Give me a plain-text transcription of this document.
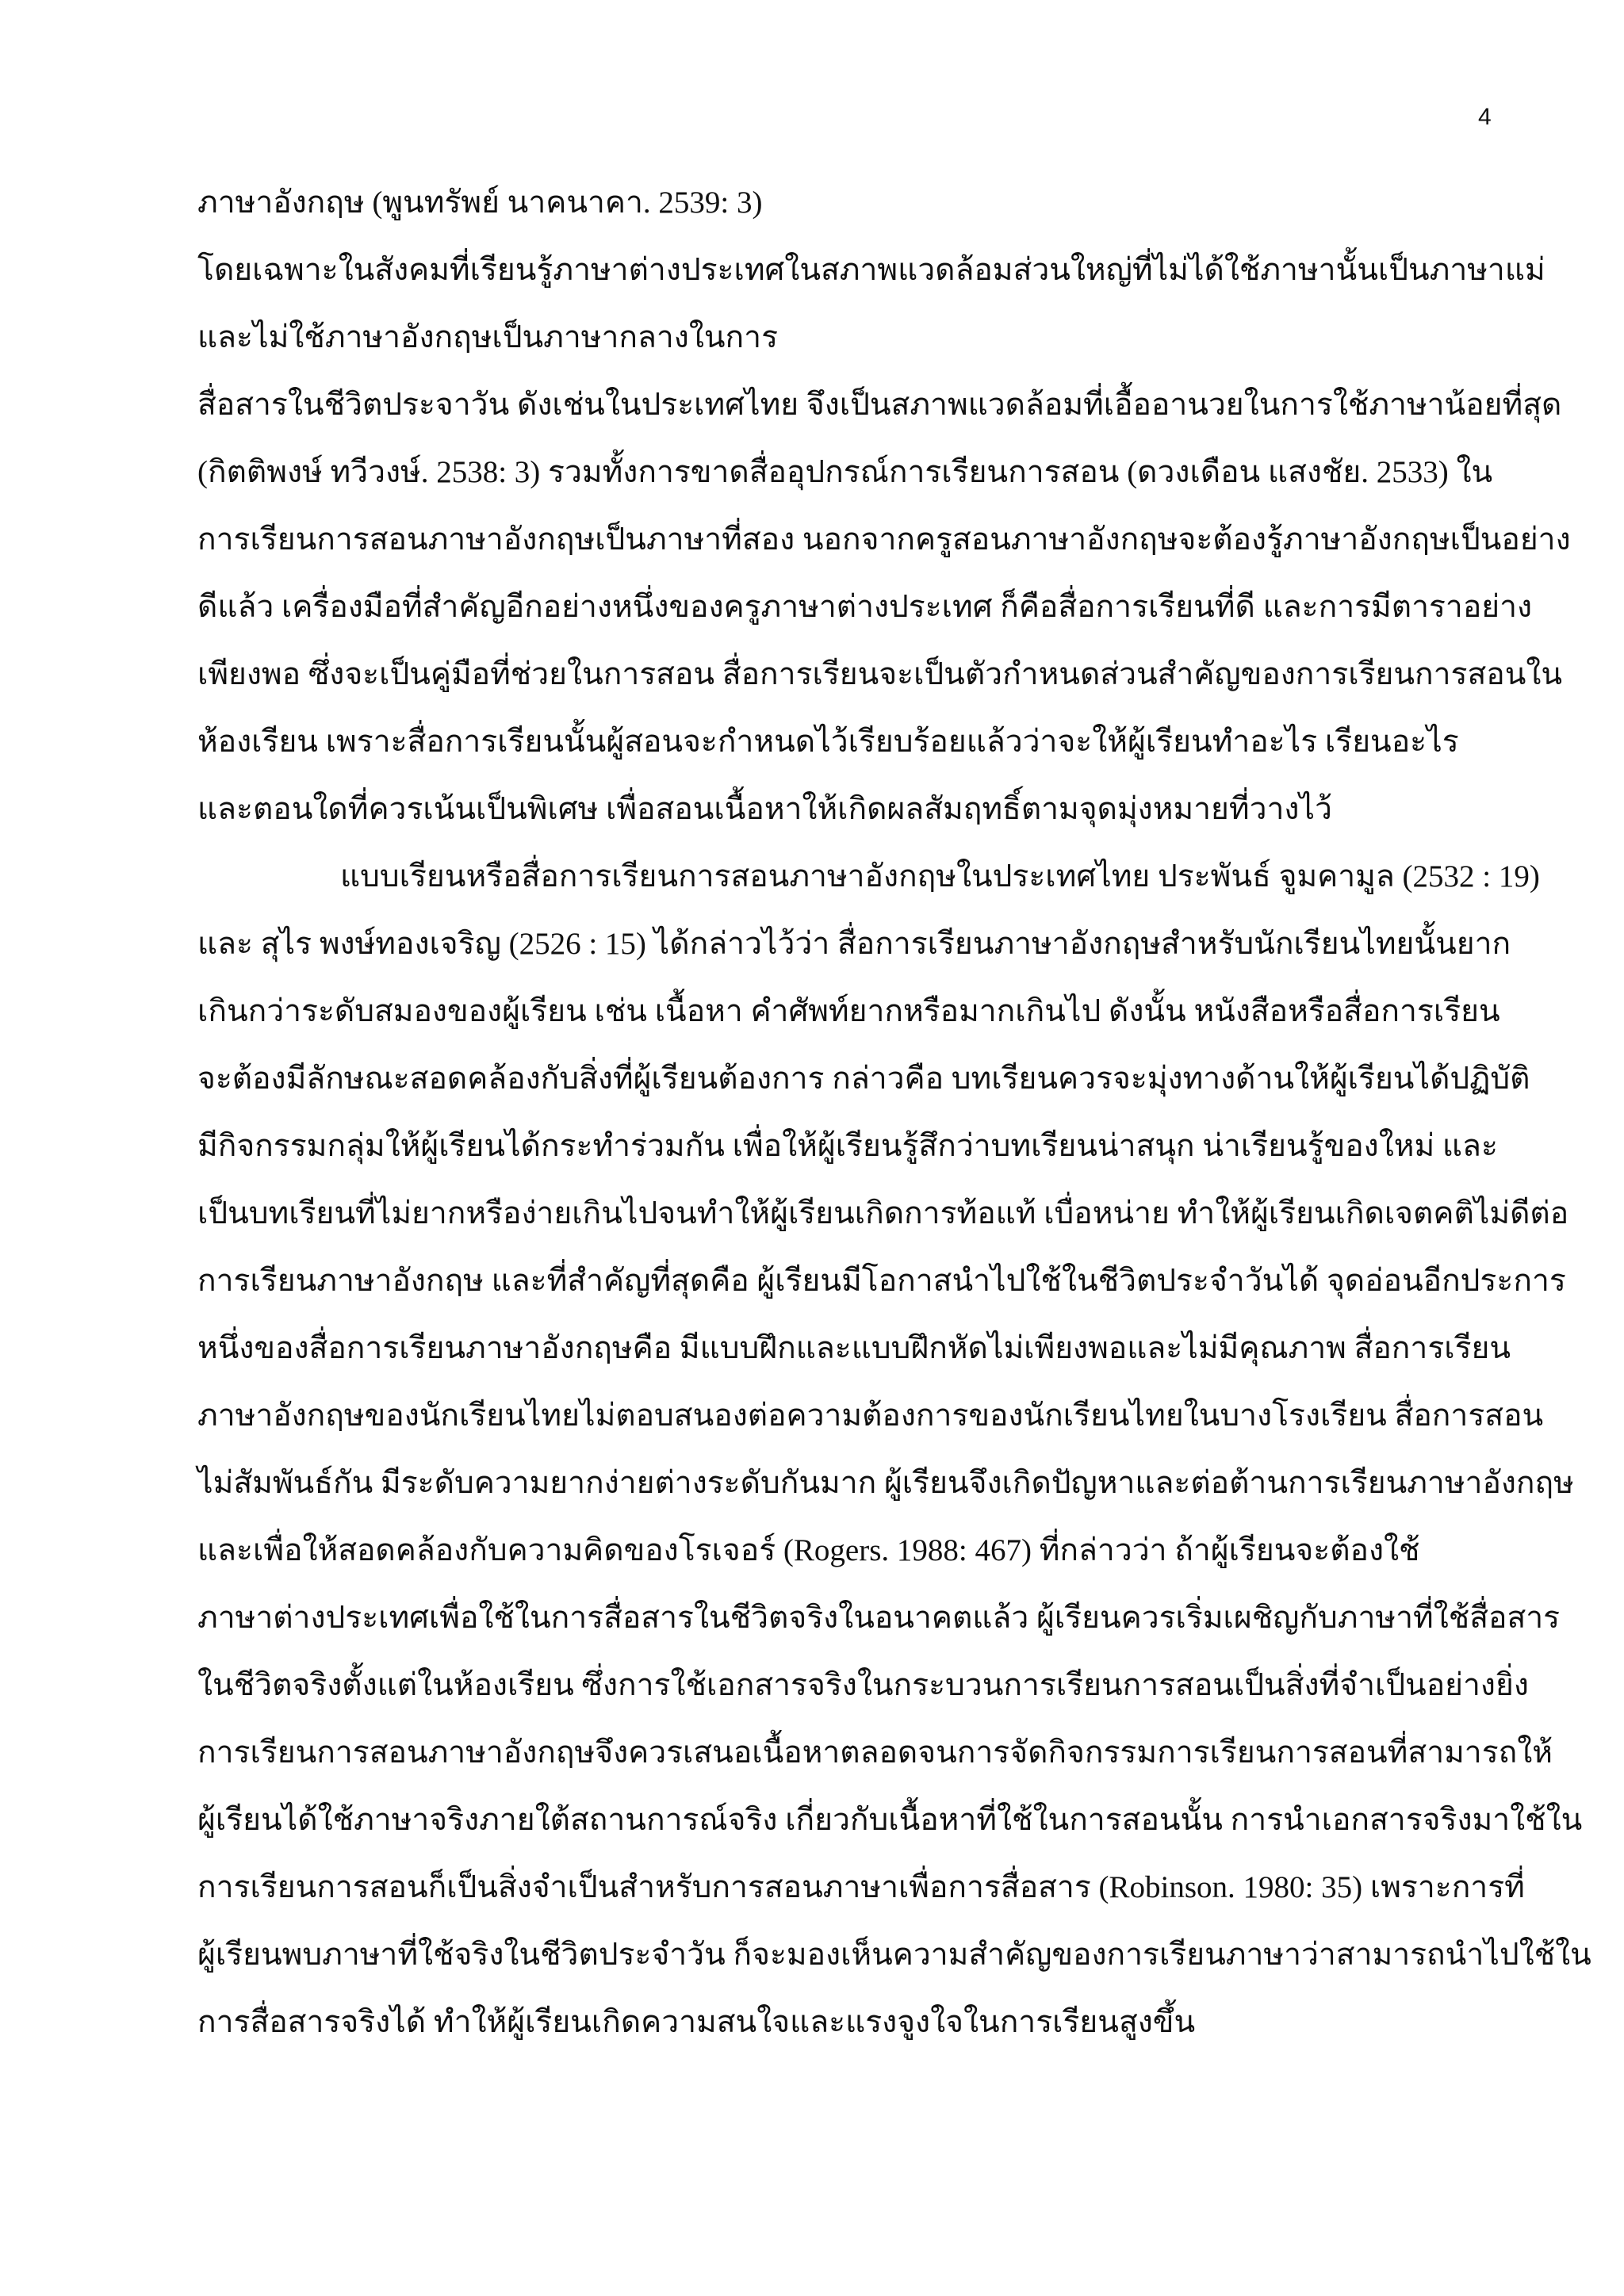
4
ภาษาอังกฤษ (พูนทรัพย์ นาคนาคา. 2539: 3)
โดยเฉพาะในสังคมที่เรียนรู้ภาษาต่างประเทศในสภาพแวดล้อมส่วนใหญ่ที่ไม่ได้ใช้ภาษานั้นเป็นภาษาแม่
และไม่ใช้ภาษาอังกฤษเป็นภาษากลางในการ
สื่อสารในชีวิตประจาวัน ดังเช่นในประเทศไทย จึงเป็นสภาพแวดล้อมที่เอื้ออานวยในการใช้ภาษาน้อยที่สุด
(กิตติพงษ์ ทวีวงษ์. 2538: 3) รวมทั้งการขาดสื่ออุปกรณ์การเรียนการสอน (ดวงเดือน แสงชัย. 2533) ใน
การเรียนการสอนภาษาอังกฤษเป็นภาษาที่สอง นอกจากครูสอนภาษาอังกฤษจะต้องรู้ภาษาอังกฤษเป็นอย่าง
ดีแล้ว เครื่องมือที่สำคัญอีกอย่างหนึ่งของครูภาษาต่างประเทศ ก็คือสื่อการเรียนที่ดี และการมีตาราอย่าง
เพียงพอ ซึ่งจะเป็นคู่มือที่ช่วยในการสอน สื่อการเรียนจะเป็นตัวกำหนดส่วนสำคัญของการเรียนการสอนใน
ห้องเรียน เพราะสื่อการเรียนนั้นผู้สอนจะกำหนดไว้เรียบร้อยแล้วว่าจะให้ผู้เรียนทำอะไร เรียนอะไร
และตอนใดที่ควรเน้นเป็นพิเศษ เพื่อสอนเนื้อหาให้เกิดผลสัมฤทธิ์ตามจุดมุ่งหมายที่วางไว้
แบบเรียนหรือสื่อการเรียนการสอนภาษาอังกฤษในประเทศไทย ประพันธ์ จูมคามูล (2532 : 19)
และ สุไร พงษ์ทองเจริญ (2526 : 15) ได้กล่าวไว้ว่า สื่อการเรียนภาษาอังกฤษสำหรับนักเรียนไทยนั้นยาก
เกินกว่าระดับสมองของผู้เรียน เช่น เนื้อหา คำศัพท์ยากหรือมากเกินไป ดังนั้น หนังสือหรือสื่อการเรียน
จะต้องมีลักษณะสอดคล้องกับสิ่งที่ผู้เรียนต้องการ กล่าวคือ บทเรียนควรจะมุ่งทางด้านให้ผู้เรียนได้ปฏิบัติ
มีกิจกรรมกลุ่มให้ผู้เรียนได้กระทำร่วมกัน เพื่อให้ผู้เรียนรู้สึกว่าบทเรียนน่าสนุก น่าเรียนรู้ของใหม่ และ
เป็นบทเรียนที่ไม่ยากหรือง่ายเกินไปจนทำให้ผู้เรียนเกิดการท้อแท้ เบื่อหน่าย ทำให้ผู้เรียนเกิดเจตคติไม่ดีต่อ
การเรียนภาษาอังกฤษ และที่สำคัญที่สุดคือ ผู้เรียนมีโอกาสนำไปใช้ในชีวิตประจำวันได้ จุดอ่อนอีกประการ
หนึ่งของสื่อการเรียนภาษาอังกฤษคือ มีแบบฝึกและแบบฝึกหัดไม่เพียงพอและไม่มีคุณภาพ สื่อการเรียน
ภาษาอังกฤษของนักเรียนไทยไม่ตอบสนองต่อความต้องการของนักเรียนไทยในบางโรงเรียน สื่อการสอน
ไม่สัมพันธ์กัน มีระดับความยากง่ายต่างระดับกันมาก ผู้เรียนจึงเกิดปัญหาและต่อต้านการเรียนภาษาอังกฤษ
และเพื่อให้สอดคล้องกับความคิดของโรเจอร์ (Rogers. 1988: 467) ที่กล่าวว่า ถ้าผู้เรียนจะต้องใช้
ภาษาต่างประเทศเพื่อใช้ในการสื่อสารในชีวิตจริงในอนาคตแล้ว ผู้เรียนควรเริ่มเผชิญกับภาษาที่ใช้สื่อสาร
ในชีวิตจริงตั้งแต่ในห้องเรียน ซึ่งการใช้เอกสารจริงในกระบวนการเรียนการสอนเป็นสิ่งที่จำเป็นอย่างยิ่ง
การเรียนการสอนภาษาอังกฤษจึงควรเสนอเนื้อหาตลอดจนการจัดกิจกรรมการเรียนการสอนที่สามารถให้
ผู้เรียนได้ใช้ภาษาจริงภายใต้สถานการณ์จริง เกี่ยวกับเนื้อหาที่ใช้ในการสอนนั้น การนำเอกสารจริงมาใช้ใน
การเรียนการสอนก็เป็นสิ่งจำเป็นสำหรับการสอนภาษาเพื่อการสื่อสาร (Robinson. 1980: 35) เพราะการที่
ผู้เรียนพบภาษาที่ใช้จริงในชีวิตประจำวัน ก็จะมองเห็นความสำคัญของการเรียนภาษาว่าสามารถนำไปใช้ใน
การสื่อสารจริงได้ ทำให้ผู้เรียนเกิดความสนใจและแรงจูงใจในการเรียนสูงขึ้น
